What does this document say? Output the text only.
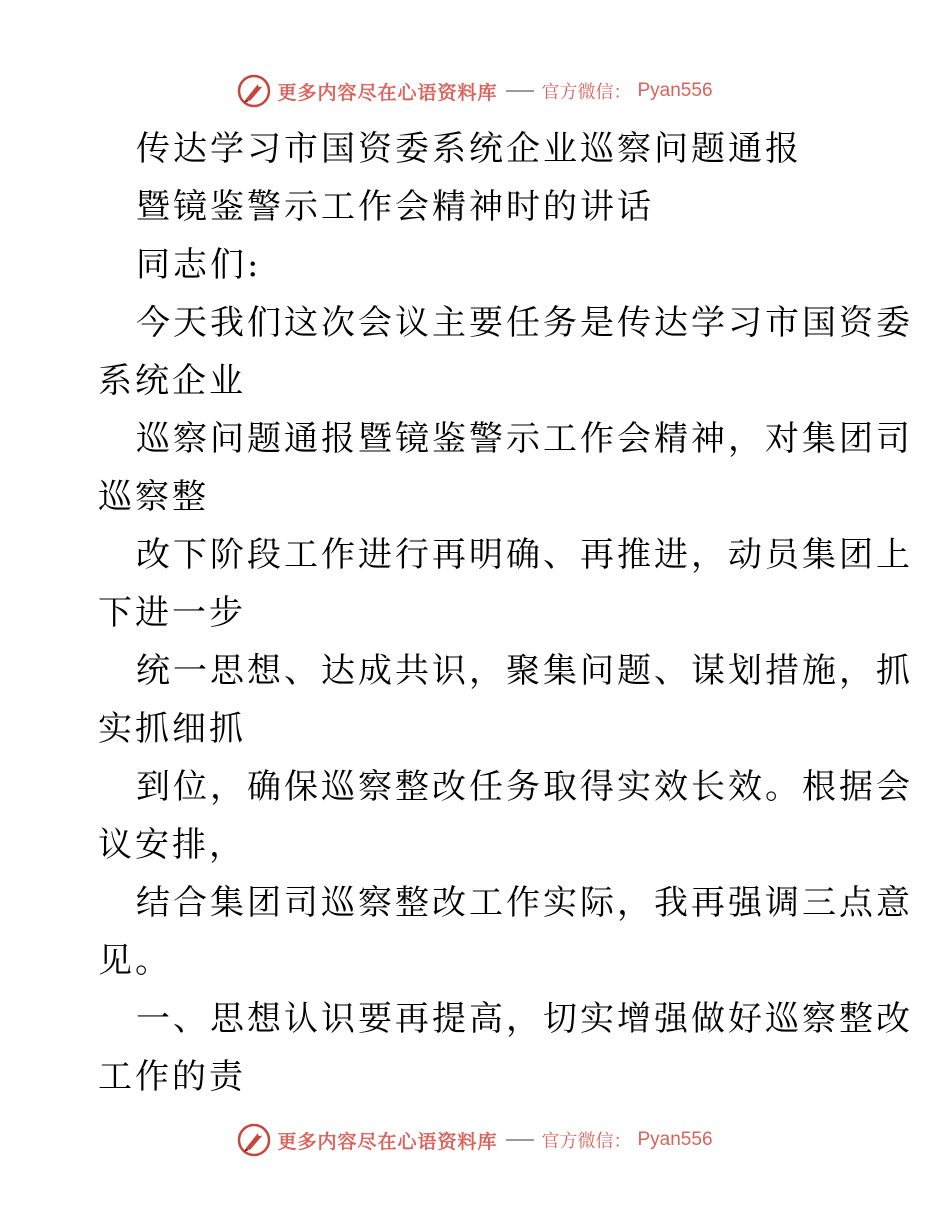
更多内容尽在心语资料库 官方微信： Pyan556
传达学习市国资委系统企业巡察问题通报
暨镜鉴警示工作会精神时的讲话
同志们:
今天我们这次会议主要任务是传达学习市国资委
系统企业
巡察问题通报暨镜鉴警示工作会精神，对集团司
巡察整
改下阶段工作进行再明确、再推进，动员集团上
下进一步
统一思想、达成共识，聚集问题、谋划措施，抓
实抓细抓
到位，确保巡察整改任务取得实效长效。根据会
议安排，
结合集团司巡察整改工作实际，我再强调三点意
见。
一、思想认识要再提高，切实增强做好巡察整改
工作的责
更多内容尽在心语资料库 官方微信： Pyan556
